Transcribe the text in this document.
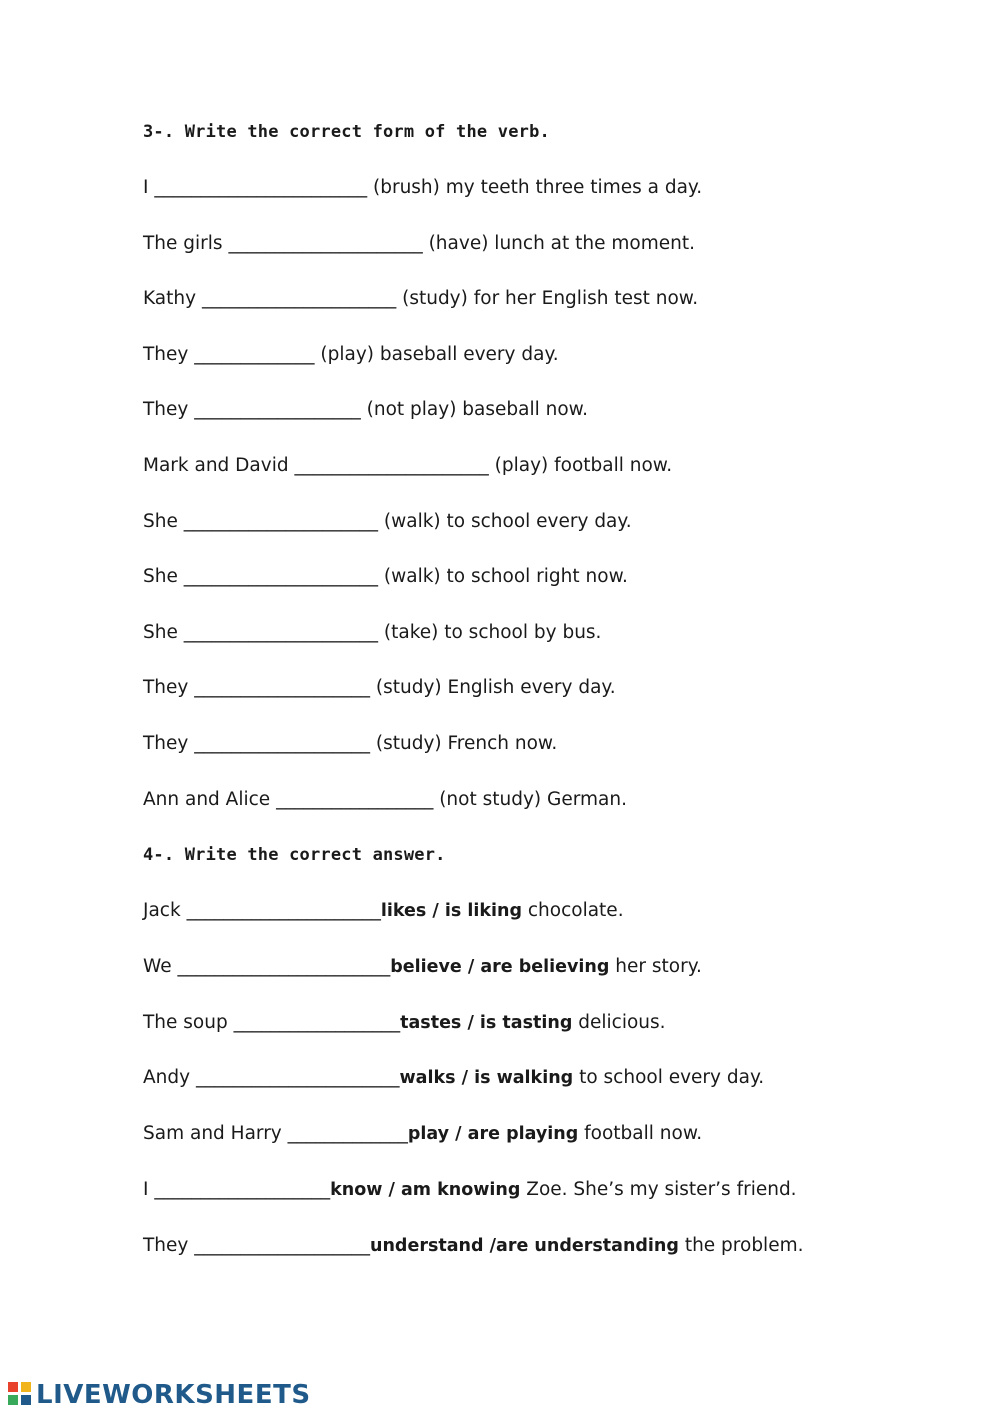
3-. Write the correct form of the verb.
I _______________________ (brush) my teeth three times a day.
The girls _____________________ (have) lunch at the moment.
Kathy _____________________ (study) for her English test now.
They _____________ (play) baseball every day.
They __________________ (not play) baseball now.
Mark and David _____________________ (play) football now.
She _____________________ (walk) to school every day.
She _____________________ (walk) to school right now.
She _____________________ (take) to school by bus.
They ___________________ (study) English every day.
They ___________________ (study) French now.
Ann and Alice _________________ (not study) German.
4-. Write the correct answer.
Jack _____________________likes / is liking chocolate.
We _______________________believe / are believing her story.
The soup __________________tastes / is tasting delicious.
Andy ______________________walks / is walking to school every day.
Sam and Harry _____________play / are playing football now.
I ___________________know / am knowing Zoe. She’s my sister’s friend.
They ___________________understand /are understanding the problem.
LIVEWORKSHEETS
